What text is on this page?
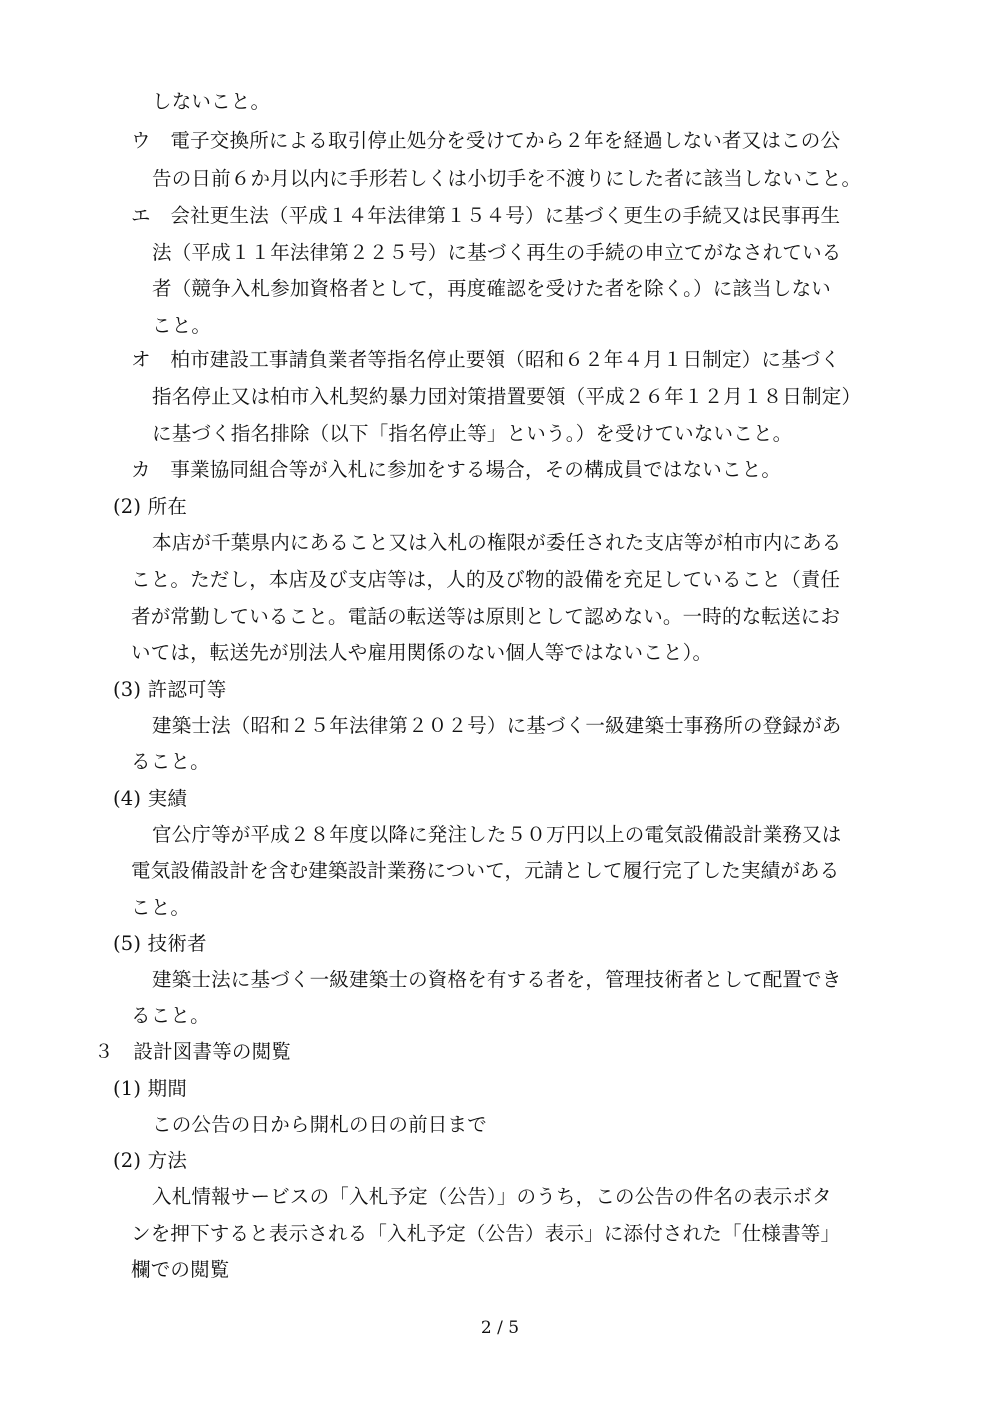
しないこと。
ウ　電子交換所による取引停止処分を受けてから２年を経過しない者又はこの公
告の日前６か月以内に手形若しくは小切手を不渡りにした者に該当しないこと。
エ　会社更生法（平成１４年法律第１５４号）に基づく更生の手続又は民事再生
法（平成１１年法律第２２５号）に基づく再生の手続の申立てがなされている
者（競争入札参加資格者として，再度確認を受けた者を除く。）に該当しない
こと。
オ　柏市建設工事請負業者等指名停止要領（昭和６２年４月１日制定）に基づく
指名停止又は柏市入札契約暴力団対策措置要領（平成２６年１２月１８日制定）
に基づく指名排除（以下「指名停止等」という。）を受けていないこと。
カ　事業協同組合等が入札に参加をする場合，その構成員ではないこと。
(2) 所在
本店が千葉県内にあること又は入札の権限が委任された支店等が柏市内にある
こと。ただし，本店及び支店等は，人的及び物的設備を充足していること（責任
者が常勤していること。電話の転送等は原則として認めない。一時的な転送にお
いては，転送先が別法人や雇用関係のない個人等ではないこと）。
(3) 許認可等
建築士法（昭和２５年法律第２０２号）に基づく一級建築士事務所の登録があ
ること。
(4) 実績
官公庁等が平成２８年度以降に発注した５０万円以上の電気設備設計業務又は
電気設備設計を含む建築設計業務について，元請として履行完了した実績がある
こと。
(5) 技術者
建築士法に基づく一級建築士の資格を有する者を，管理技術者として配置でき
ること。
３　設計図書等の閲覧
(1) 期間
この公告の日から開札の日の前日まで
(2) 方法
入札情報サービスの「入札予定（公告）」のうち，この公告の件名の表示ボタ
ンを押下すると表示される「入札予定（公告）表示」に添付された「仕様書等」
欄での閲覧
2 / 5
